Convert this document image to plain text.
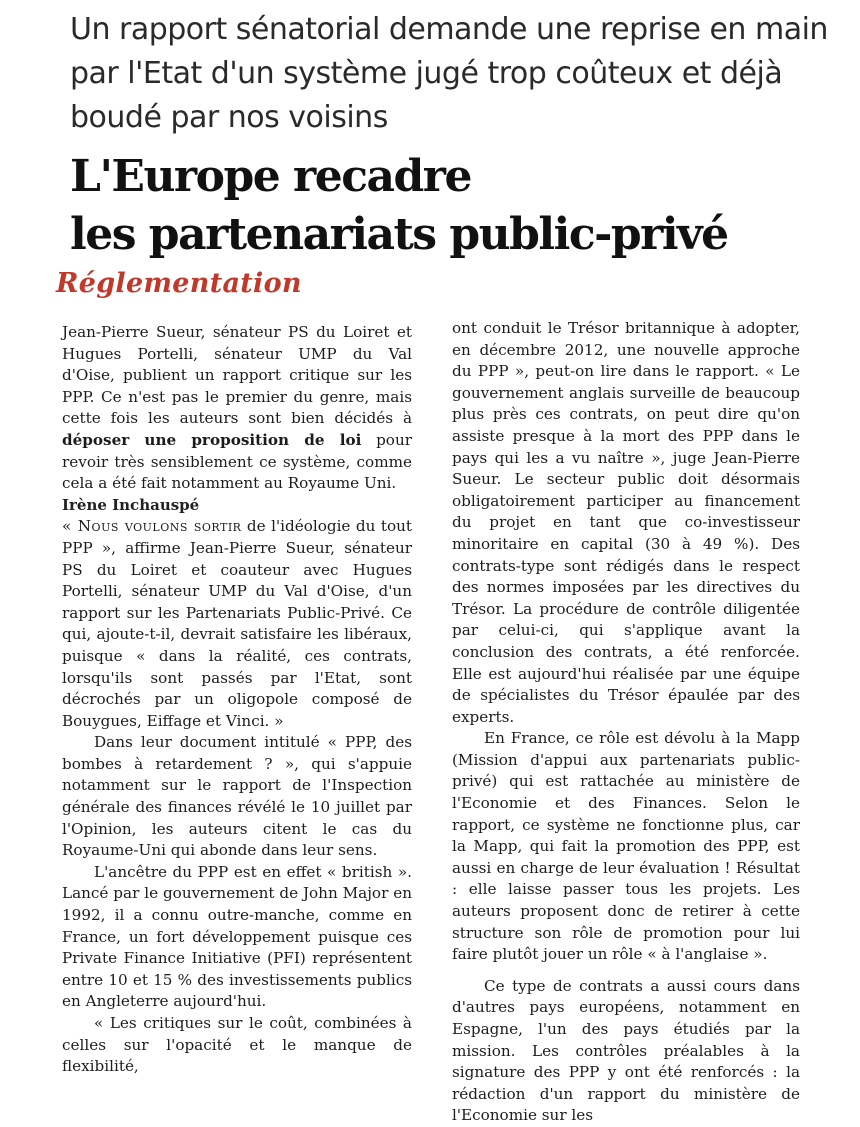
Un rapport sénatorial demande une reprise en main par l'Etat d'un système jugé trop coûteux et déjà boudé par nos voisins
L'Europe recadre
les partenariats public-privé
Réglementation

Jean-Pierre Sueur, sénateur PS du Loiret et Hugues Portelli, sénateur UMP du Val d'Oise, publient un rapport critique sur les PPP. Ce n'est pas le premier du genre, mais cette fois les auteurs sont bien décidés à déposer une proposition de loi pour revoir très sensiblement ce système, comme cela a été fait notamment au Royaume Uni.

Irène Inchauspé

« Nous voulons sortir de l'idéologie du tout PPP », affirme Jean-Pierre Sueur, sénateur PS du Loiret et coauteur avec Hugues Portelli, sénateur UMP du Val d'Oise, d'un rapport sur les Partenariats Public-Privé. Ce qui, ajoute-t-il, devrait satisfaire les libéraux, puisque « dans la réalité, ces contrats, lorsqu'ils sont passés par l'Etat, sont décrochés par un oligopole composé de Bouygues, Eiffage et Vinci. »

Dans leur document intitulé « PPP, des bombes à retardement ? », qui s'appuie notamment sur le rapport de l'Inspection générale des finances révélé le 10 juillet par l'Opinion, les auteurs citent le cas du Royaume-Uni qui abonde dans leur sens.

L'ancêtre du PPP est en effet « british ». Lancé par le gouvernement de John Major en 1992, il a connu outre-manche, comme en France, un fort développement puisque ces Private Finance Initiative (PFI) représentent entre 10 et 15 % des investissements publics en Angleterre aujourd'hui.

« Les critiques sur le coût, combinées à celles sur l'opacité et le manque de flexibilité,

ont conduit le Trésor britannique à adopter, en décembre 2012, une nouvelle approche du PPP », peut-on lire dans le rapport. « Le gouvernement anglais surveille de beaucoup plus près ces contrats, on peut dire qu'on assiste presque à la mort des PPP dans le pays qui les a vu naître », juge Jean-Pierre Sueur. Le secteur public doit désormais obligatoirement participer au financement du projet en tant que co-investisseur minoritaire en capital (30 à 49 %). Des contrats-type sont rédigés dans le respect des normes imposées par les directives du Trésor. La procédure de contrôle diligentée par celui-ci, qui s'applique avant la conclusion des contrats, a été renforcée. Elle est aujourd'hui réalisée par une équipe de spécialistes du Trésor épaulée par des experts.

En France, ce rôle est dévolu à la Mapp (Mission d'appui aux partenariats public-privé) qui est rattachée au ministère de l'Economie et des Finances. Selon le rapport, ce système ne fonctionne plus, car la Mapp, qui fait la promotion des PPP, est aussi en charge de leur évaluation ! Résultat : elle laisse passer tous les projets. Les auteurs proposent donc de retirer à cette structure son rôle de promotion pour lui faire plutôt jouer un rôle « à l'anglaise ».

Ce type de contrats a aussi cours dans d'autres pays européens, notamment en Espagne, l'un des pays étudiés par la mission. Les contrôles préalables à la signature des PPP y ont été renforcés : la rédaction d'un rapport du ministère de l'Economie sur les
